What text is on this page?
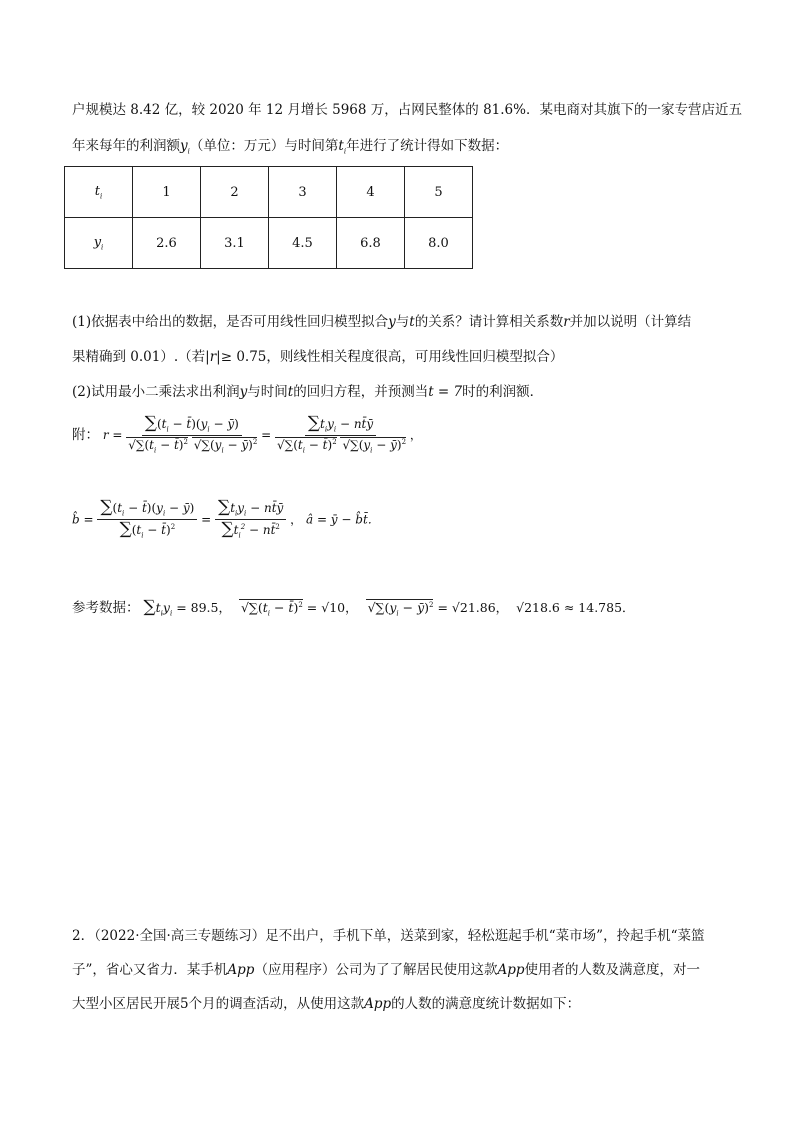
户规模达 8.42 亿，较 2020 年 12 月增长 5968 万，占网民整体的 81.6%．某电商对其旗下的一家专营店近五
年来每年的利润额$y_i$（单位：万元）与时间第$t_i$年进行了统计得如下数据：
$t_i$	1	2	3	4	5
$y_i$	2.6	3.1	4.5	6.8	8.0
(1)依据表中给出的数据，是否可用线性回归模型拟合y与t的关系？请计算相关系数r并加以说明（计算结
果精确到 0.01）.（若|r|≥ 0.75，则线性相关程度很高，可用线性回归模型拟合）
(2)试用最小二乘法求出利润y与时间t的回归方程，并预测当t = 7时的利润额．
附： $r = \frac{\sum(t_i - t̄)(y_i - ȳ)}{√\sum(t_i - t̄)^2 √\sum(y_i - ȳ)^2} = \frac{\sum t_iy_i - nt̄ȳ}{√\sum(t_i - t̄)^2 √\sum(y_i - ȳ)^2}$ ，
b̂ = $\frac{\sum(t_i - t̄)(y_i - ȳ)}{\sum(t_i - t̄)^2} = \frac{\sum t_iy_i - nt̄ȳ}{\sum t_i^2 - nt̄^2}$ ， â = ȳ − b̂t̄．
参考数据： $\sum t_iy_i = 89.5$， $√\sum(t_i$ − t̄)$^2$ = √10， $√\sum(y_i$ − ȳ)$^2$ = √21.86， √218.6 ≈ 14.785．
2．（2022·全国·高三专题练习）足不出户，手机下单，送菜到家，轻松逛起手机“菜市场”，拎起手机“菜篮
子”，省心又省力．某手机App（应用程序）公司为了了解居民使用这款App使用者的人数及满意度，对一
大型小区居民开展5个月的调查活动，从使用这款App的人数的满意度统计数据如下：
